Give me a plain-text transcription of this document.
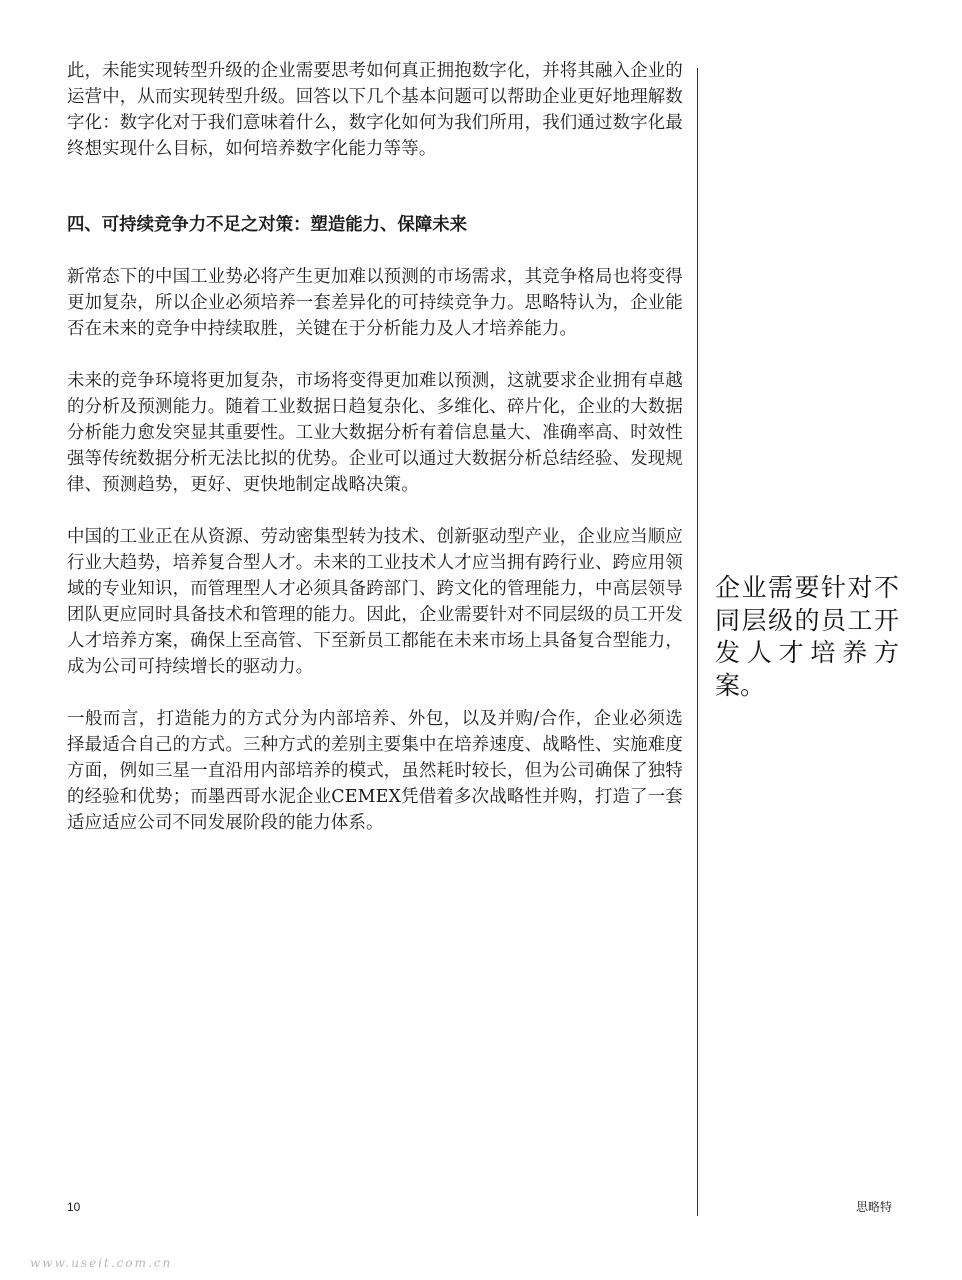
此，未能实现转型升级的企业需要思考如何真正拥抱数字化，并将其融入企业的运营中，从而实现转型升级。回答以下几个基本问题可以帮助企业更好地理解数字化：数字化对于我们意味着什么，数字化如何为我们所用，我们通过数字化最终想实现什么目标，如何培养数字化能力等等。

四、可持续竞争力不足之对策：塑造能力、保障未来

新常态下的中国工业势必将产生更加难以预测的市场需求，其竞争格局也将变得更加复杂，所以企业必须培养一套差异化的可持续竞争力。思略特认为，企业能否在未来的竞争中持续取胜，关键在于分析能力及人才培养能力。

未来的竞争环境将更加复杂，市场将变得更加难以预测，这就要求企业拥有卓越的分析及预测能力。随着工业数据日趋复杂化、多维化、碎片化，企业的大数据分析能力愈发突显其重要性。工业大数据分析有着信息量大、准确率高、时效性强等传统数据分析无法比拟的优势。企业可以通过大数据分析总结经验、发现规律、预测趋势，更好、更快地制定战略决策。

中国的工业正在从资源、劳动密集型转为技术、创新驱动型产业，企业应当顺应行业大趋势，培养复合型人才。未来的工业技术人才应当拥有跨行业、跨应用领域的专业知识，而管理型人才必须具备跨部门、跨文化的管理能力，中高层领导团队更应同时具备技术和管理的能力。因此，企业需要针对不同层级的员工开发人才培养方案，确保上至高管、下至新员工都能在未来市场上具备复合型能力，成为公司可持续增长的驱动力。

一般而言，打造能力的方式分为内部培养、外包，以及并购/合作，企业必须选择最适合自己的方式。三种方式的差别主要集中在培养速度、战略性、实施难度方面，例如三星一直沿用内部培养的模式，虽然耗时较长，但为公司确保了独特的经验和优势；而墨西哥水泥企业CEMEX凭借着多次战略性并购，打造了一套适应适应公司不同发展阶段的能力体系。

企业需要针对不同层级的员工开发人才培养方案。

10	思略特
www.useit.com.cn
